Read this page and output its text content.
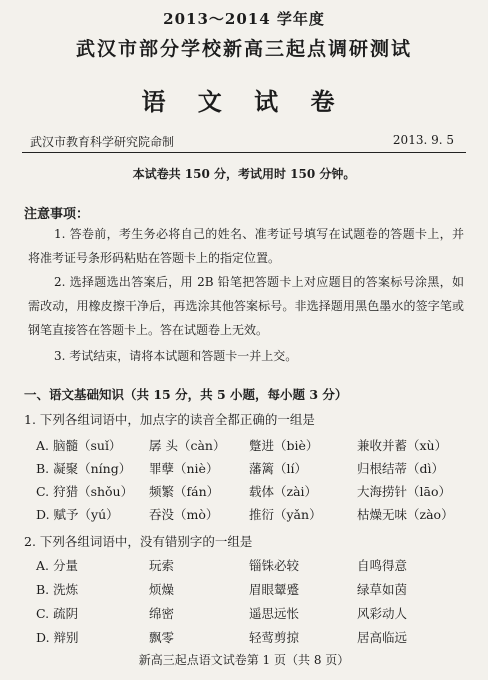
2013～2014 学年度
武汉市部分学校新高三起点调研测试
语 文 试 卷
武汉市教育科学研究院命制	2013. 9. 5
本试卷共 150 分，考试用时 150 分钟。
注意事项：
1. 答卷前，考生务必将自己的姓名、准考证号填写在试题卷的答题卡上，并将准考证号条形码粘贴在答题卡上的指定位置。
2. 选择题选出答案后，用 2B 铅笔把答题卡上对应题目的答案标号涂黑，如需改动，用橡皮擦干净后，再选涂其他答案标号。非选择题用黑色墨水的签字笔或钢笔直接答在答题卡上。答在试题卷上无效。
3. 考试结束，请将本试题和答题卡一并上交。
一、语文基础知识（共 15 分，共 5 小题，每小题 3 分）
1. 下列各组词语中，加点字的读音全都正确的一组是
A. 脑髓（suǐ） 孱 头（càn） 蹩进（biè）	兼收并蓄（xù）
B. 凝聚（níng） 罪孽（niè） 藩篱（lí）	归根结蒂（dì）
C. 狩猎（shǒu） 频繁（fán） 载体（zài）	大海捞针（lāo）
D. 赋予（yú） 吞没（mò） 推衍（yǎn）	枯燥无味（zào）
2. 下列各组词语中，没有错别字的一组是
A. 分量	玩索	锱铢必较	自鸣得意
B. 洗炼	烦燥	眉眼颦蹙	绿草如茵
C. 疏阴	绵密	遥思远怅	风彩动人
D. 辩别	飘零	轻莺剪掠	居高临远
新高三起点语文试卷第 1 页（共 8 页）
